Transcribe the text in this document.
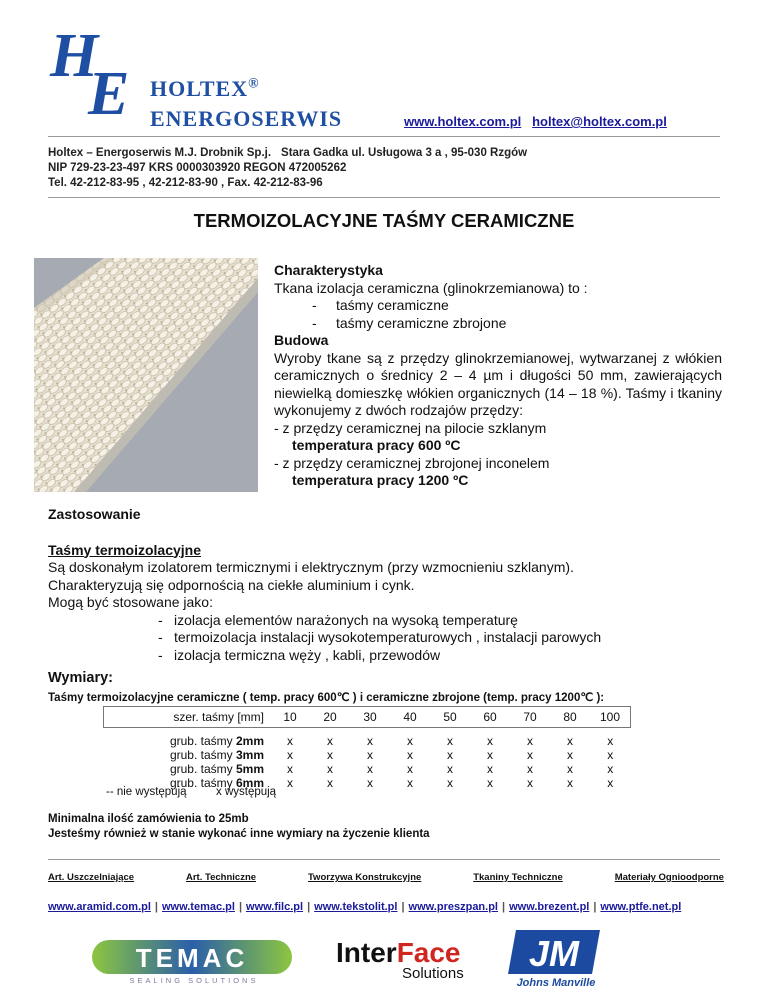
H
E HOLTEX®
ENERGOSERWIS	www.holtex.com.pl holtex@holtex.com.pl
Holtex – Energoserwis M.J. Drobnik Sp.j. Stara Gadka ul. Usługowa 3 a , 95-030 Rzgów
NIP 729-23-23-497 KRS 0000303920 REGON 472005262
Tel. 42-212-83-95 , 42-212-83-90 , Fax. 42-212-83-96
TERMOIZOLACYJNE TAŚMY CERAMICZNE
Charakterystyka
Tkana izolacja ceramiczna (glinokrzemianowa) to :
- taśmy ceramiczne
- taśmy ceramiczne zbrojone
Budowa
Wyroby tkane są z przędzy glinokrzemianowej, wytwarzanej z włókien ceramicznych o średnicy 2 – 4 µm i długości 50 mm, zawierających niewielką domieszkę włókien organicznych (14 – 18 %). Taśmy i tkaniny wykonujemy z dwóch rodzajów przędzy:
- z przędzy ceramicznej na pilocie szklanym
temperatura pracy 600 ºC
- z przędzy ceramicznej zbrojonej inconelem
temperatura pracy 1200 ºC
Zastosowanie
Taśmy termoizolacyjne
Są doskonałym izolatorem termicznymi i elektrycznym (przy wzmocnieniu szklanym).
Charakteryzują się odpornością na ciekłe aluminium i cynk.
Mogą być stosowane jako:
- izolacja elementów narażonych na wysoką temperaturę
- termoizolacja instalacji wysokotemperaturowych , instalacji parowych
- izolacja termiczna węży , kabli, przewodów
Wymiary:
Taśmy termoizolacyjne ceramiczne ( temp. pracy 600℃ ) i ceramiczne zbrojone (temp. pracy 1200℃ ):
szer. taśmy [mm]	10	20	30	40	50	60	70	80	100

grub. taśmy 2mm	x	x	x	x	x	x	x	x	x
grub. taśmy 3mm	x	x	x	x	x	x	x	x	x
grub. taśmy 5mm	x	x	x	x	x	x	x	x	x
grub. taśmy 6mm	x	x	x	x	x	x	x	x	x
-- nie występują	x występują
Minimalna ilość zamówienia to 25mb
Jesteśmy również w stanie wykonać inne wymiary na życzenie klienta
Art. Uszczelniające	Art. Techniczne	Tworzywa Konstrukcyjne	Tkaniny Techniczne	Materiały Ognioodporne
www.aramid.com.pl | www.temac.pl | www.filc.pl | www.tekstolit.pl | www.preszpan.pl | www.brezent.pl | www.ptfe.net.pl
TEMAC
SEALING SOLUTIONS
InterFace
Solutions JM
Johns Manville
